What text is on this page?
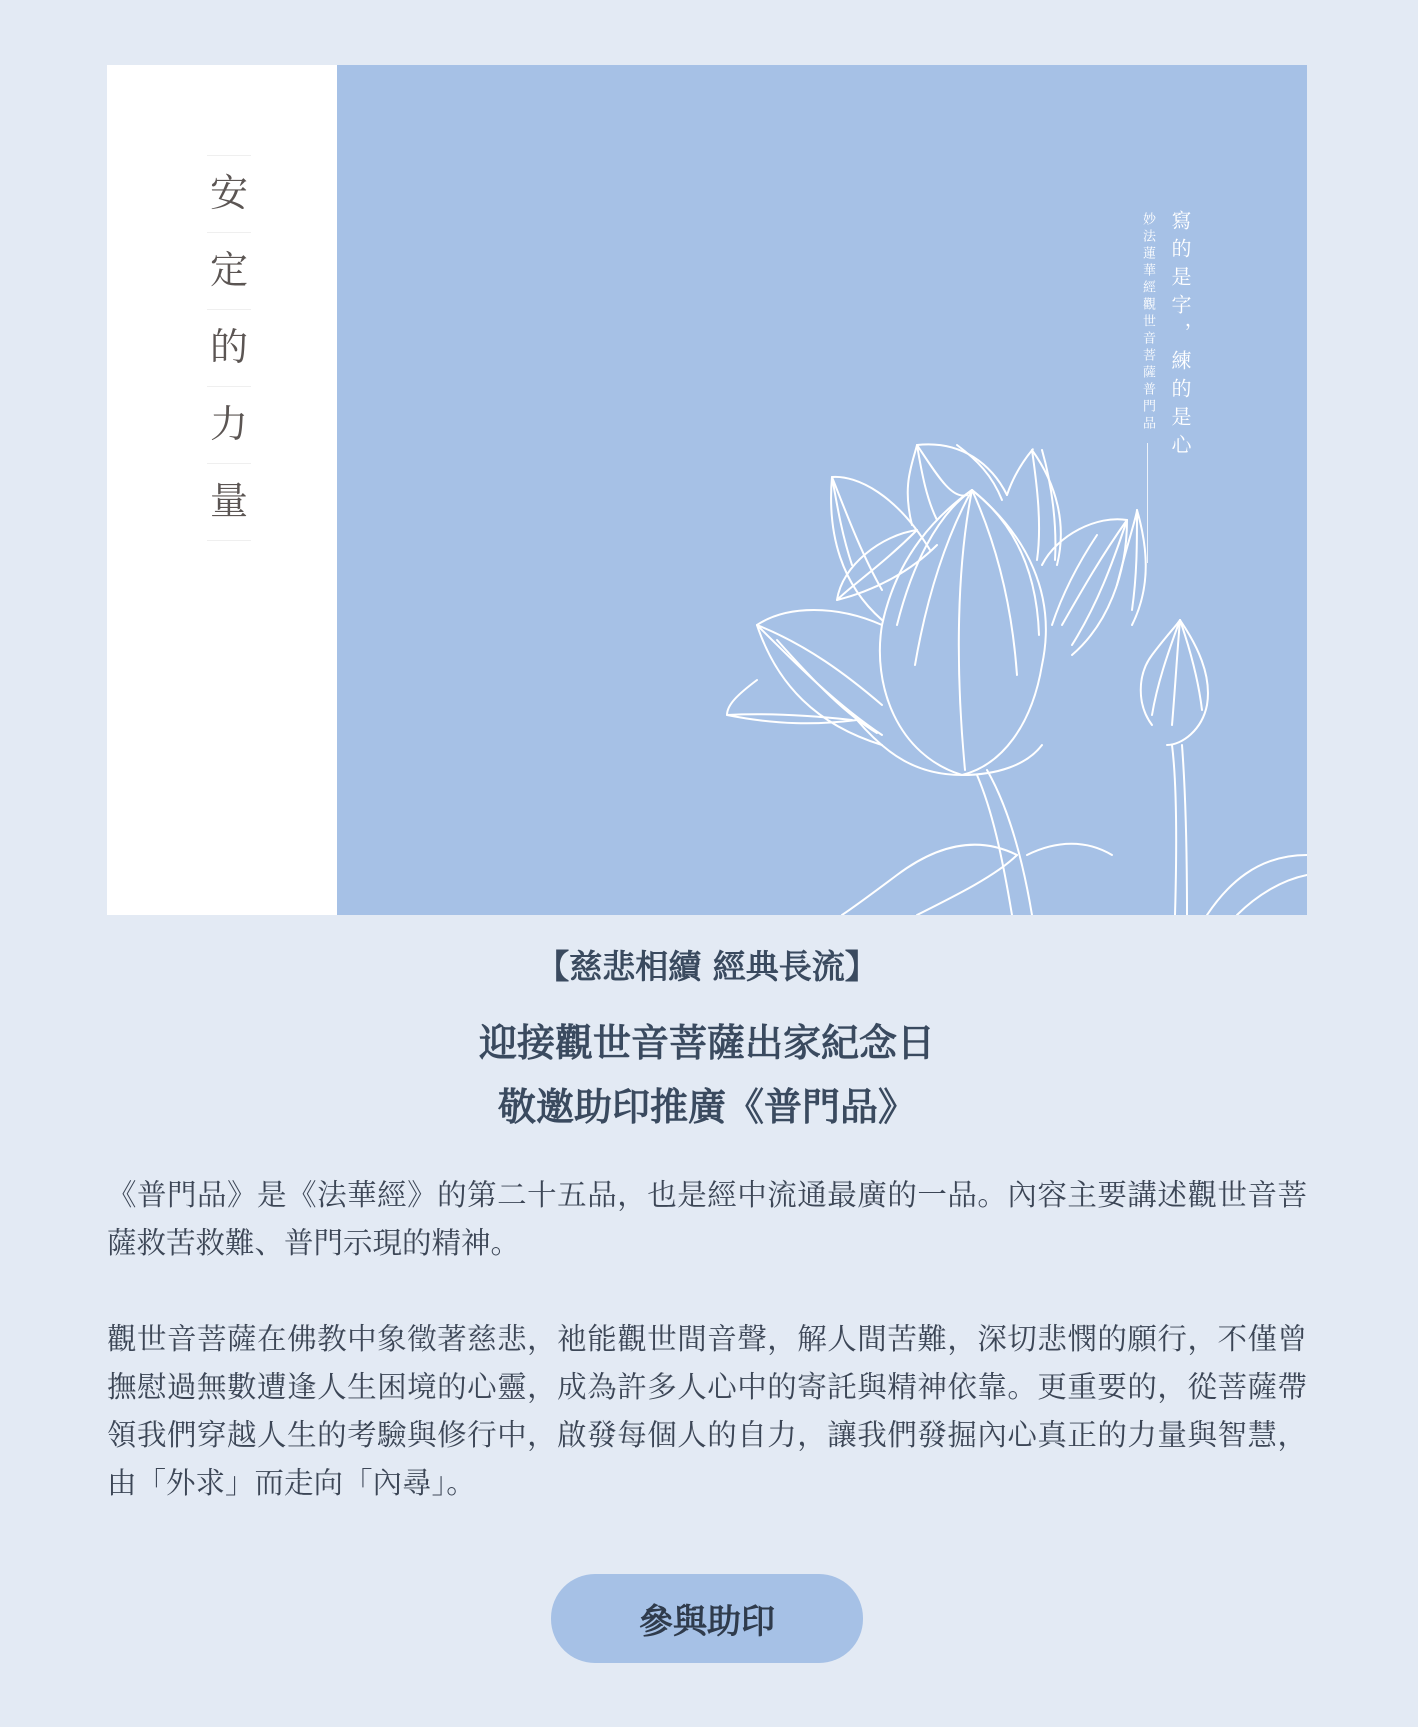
安
定
的
力
量
寫的是字，練的是心
妙法蓮華經觀世音菩薩普門品
【慈悲相續 經典長流】
迎接觀世音菩薩出家紀念日
敬邀助印推廣《普門品》

《普門品》是《法華經》的第二十五品，也是經中流通最廣的一品。內容主要講述觀世音菩薩救苦救難、普門示現的精神。

觀世音菩薩在佛教中象徵著慈悲，祂能觀世間音聲，解人間苦難，深切悲憫的願行，不僅曾撫慰過無數遭逢人生困境的心靈，成為許多人心中的寄託與精神依靠。更重要的，從菩薩帶領我們穿越人生的考驗與修行中，啟發每個人的自力，讓我們發掘內心真正的力量與智慧，由「外求」而走向「內尋」。

參與助印
